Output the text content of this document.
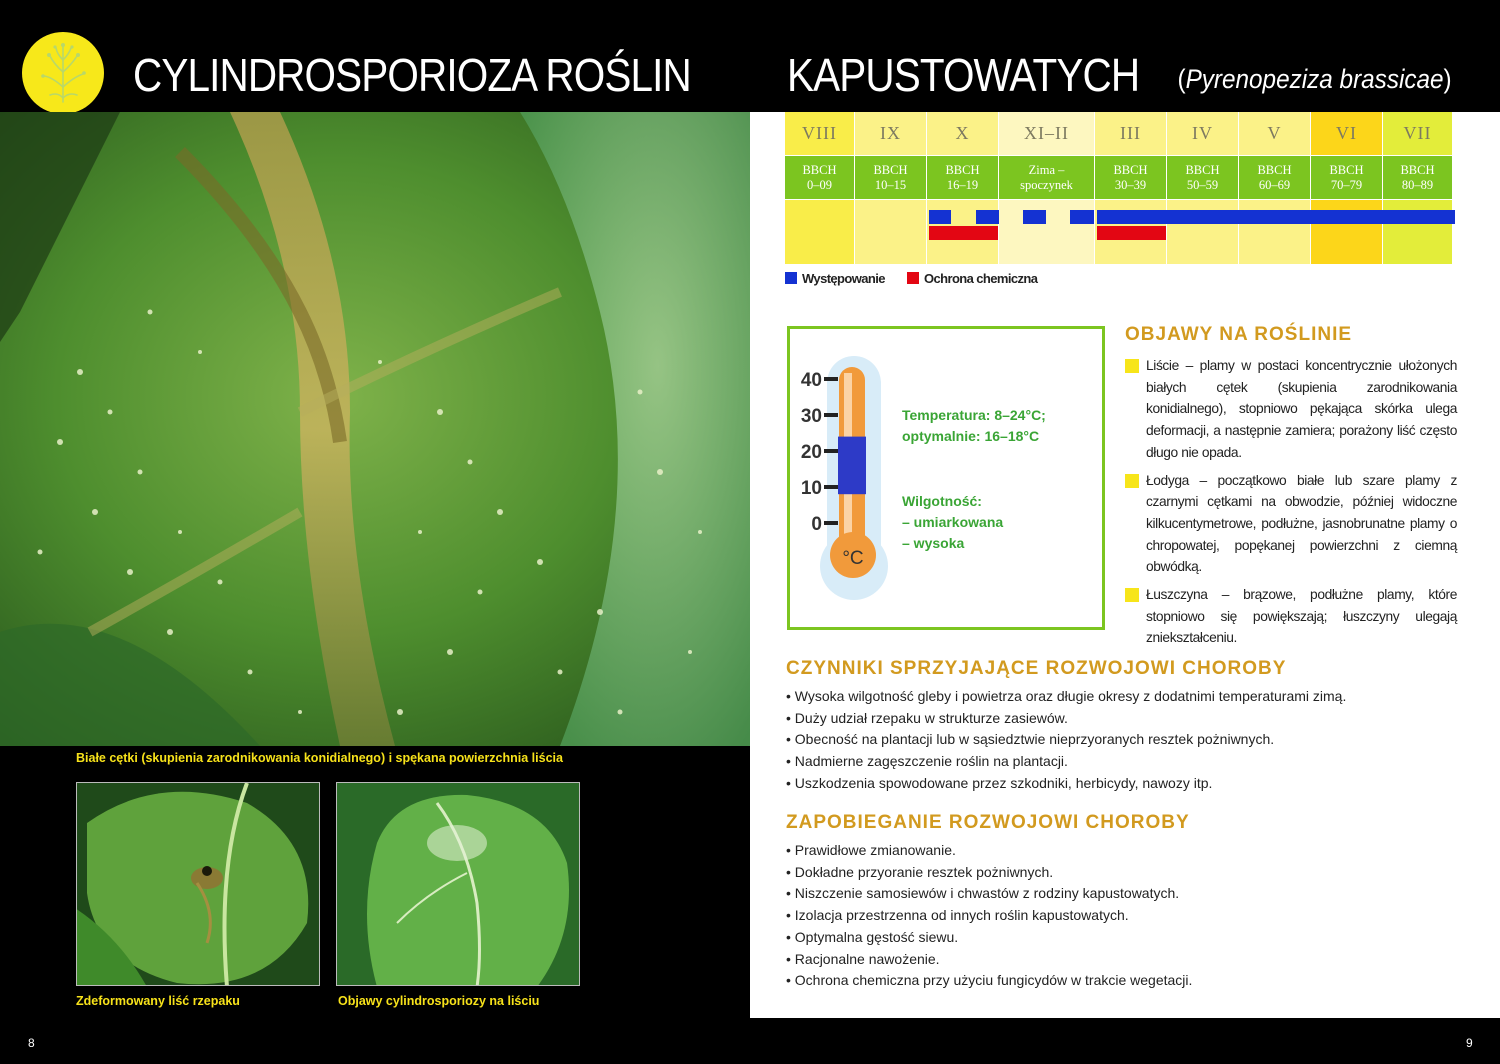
CYLINDROSPORIOZA ROŚLIN KAPUSTOWATYCH (Pyrenopeziza brassicae)
Białe cętki (skupienia zarodnikowania konidialnego) i spękana powierzchnia liścia
Zdeformowany liść rzepaku	Objawy cylindrosporiozy na liściu
8
VIII
BBCH
0–09
IX
BBCH
10–15
X
BBCH
16–19
XI–II
Zima –
spoczynek
III
BBCH
30–39
IV
BBCH
50–59
V
BBCH
60–69
VI
BBCH
70–79
VII
BBCH
80–89
Występowanie	Ochrona chemiczna
°C
40
30
20
10
0
Temperatura: 8–24°C;
optymalnie: 16–18°C
Wilgotność:
– umiarkowana
– wysoka
OBJAWY NA ROŚLINIE
Liście – plamy w postaci koncentrycznie ułożonych białych cętek (skupienia zarodnikowania konidialnego), stopniowo pękająca skórka ulega deformacji, a następnie zamiera; porażony liść często długo nie opada.
Łodyga – początkowo białe lub szare plamy z czarnymi cętkami na obwodzie, później widoczne kilkucentymetrowe, podłużne, jasnobrunatne plamy o chropowatej, popękanej powierzchni z ciemną obwódką.
Łuszczyna – brązowe, podłużne plamy, które stopniowo się powiększają; łuszczyny ulegają zniekształceniu.
CZYNNIKI SPRZYJAJĄCE ROZWOJOWI CHOROBY
• Wysoka wilgotność gleby i powietrza oraz długie okresy z dodatnimi temperaturami zimą.
• Duży udział rzepaku w strukturze zasiewów.
• Obecność na plantacji lub w sąsiedztwie nieprzyoranych resztek pożniwnych.
• Nadmierne zagęszczenie roślin na plantacji.
• Uszkodzenia spowodowane przez szkodniki, herbicydy, nawozy itp.
ZAPOBIEGANIE ROZWOJOWI CHOROBY
• Prawidłowe zmianowanie.
• Dokładne przyoranie resztek pożniwnych.
• Niszczenie samosiewów i chwastów z rodziny kapustowatych.
• Izolacja przestrzenna od innych roślin kapustowatych.
• Optymalna gęstość siewu.
• Racjonalne nawożenie.
• Ochrona chemiczna przy użyciu fungicydów w trakcie wegetacji.
9
